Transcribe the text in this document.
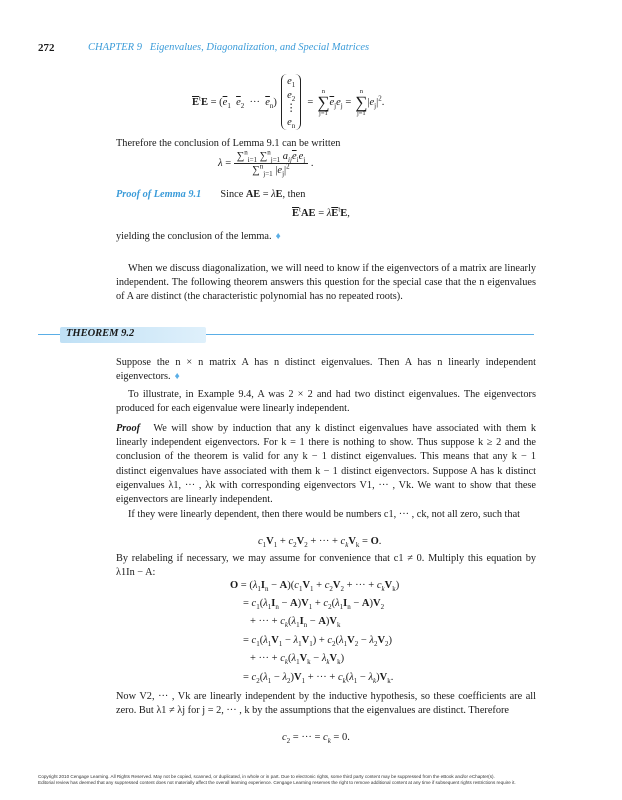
272	CHAPTER 9   Eigenvalues, Diagonalization, and Special Matrices
$\overline{E}^tE = (\overline{e}_1$ $\overline{e}_2$  ···  $\overline{e}_n$)
$e_1$
$e_2$
⋮
$e_n$
=
n
∑
j=1
$\overline{e}_je_j$ =
n
∑
j=1
$|e_j|^2$.

Therefore the conclusion of Lemma 9.1 can be written

$\lambda = \frac{\sum^n_{i=1} \sum^n_{j=1} a_{ij}\overline{e}_ie_j}{\sum^n_{j=1} |e_j|^2}$ .
Proof of Lemma 9.1 Since AE = λE, then
$\overline{E}^tAE = \lambda\overline{E}^tE$,

yielding the conclusion of the lemma. ♦

When we discuss diagonalization, we will need to know if the eigenvectors of a matrix are linearly independent. The following theorem answers this question for the special case that the n eigenvalues of A are distinct (the characteristic polynomial has no repeated roots).

THEOREM 9.2

Suppose the n × n matrix A has n distinct eigenvalues. Then A has n linearly independent eigenvectors. ♦

To illustrate, in Example 9.4, A was 2 × 2 and had two distinct eigenvalues. The eigenvectors produced for each eigenvalue were linearly independent.

Proof We will show by induction that any k distinct eigenvalues have associated with them k linearly independent eigenvectors. For k = 1 there is nothing to show. Thus suppose k ≥ 2 and the conclusion of the theorem is valid for any k − 1 distinct eigenvalues. This means that any k − 1 distinct eigenvalues have associated with them k − 1 distinct eigenvectors. Suppose A has k distinct eigenvalues λ1, ··· , λk with corresponding eigenvectors V1, ··· , Vk. We want to show that these eigenvectors are linearly independent.

If they were linearly dependent, then there would be numbers c1, ··· , ck, not all zero, such that

$c_1V_1 + c_2V_2$ + ··· + $c_kV_k = O$.

By relabeling if necessary, we may assume for convenience that c1 ≠ 0. Multiply this equation by λ1In − A:

$O = (\lambda_1I_n - A)(c_1V_1 + c_2V_2$ + ··· + $c_kV_k$)
= $c_1(\lambda_1I_n - A)V_1 + c_2(\lambda_1I_n - A)V_2$
+ ··· + $c_k(\lambda_1I_n - A)V_k$
= $c_1(\lambda_1V_1 - \lambda_1V_1) + c_2(\lambda_1V_2 - \lambda_2V_2)$
+ ··· + $c_k(\lambda_1V_k - \lambda_kV_k)$
= $c_2(\lambda_1 - \lambda_2)V_1$ + ··· + $c_k(\lambda_1 - \lambda_k)V_k$.

Now V2, ··· , Vk are linearly independent by the inductive hypothesis, so these coefficients are all zero. But λ1 ≠ λj for j = 2, ··· , k by the assumptions that the eigenvalues are distinct. Therefore

$c_2$ = ··· = $c_k = 0$.
Copyright 2010 Cengage Learning. All Rights Reserved. May not be copied, scanned, or duplicated, in whole or in part. Due to electronic rights, some third party content may be suppressed from the eBook and/or eChapter(s).
Editorial review has deemed that any suppressed content does not materially affect the overall learning experience. Cengage Learning reserves the right to remove additional content at any time if subsequent rights restrictions require it.
